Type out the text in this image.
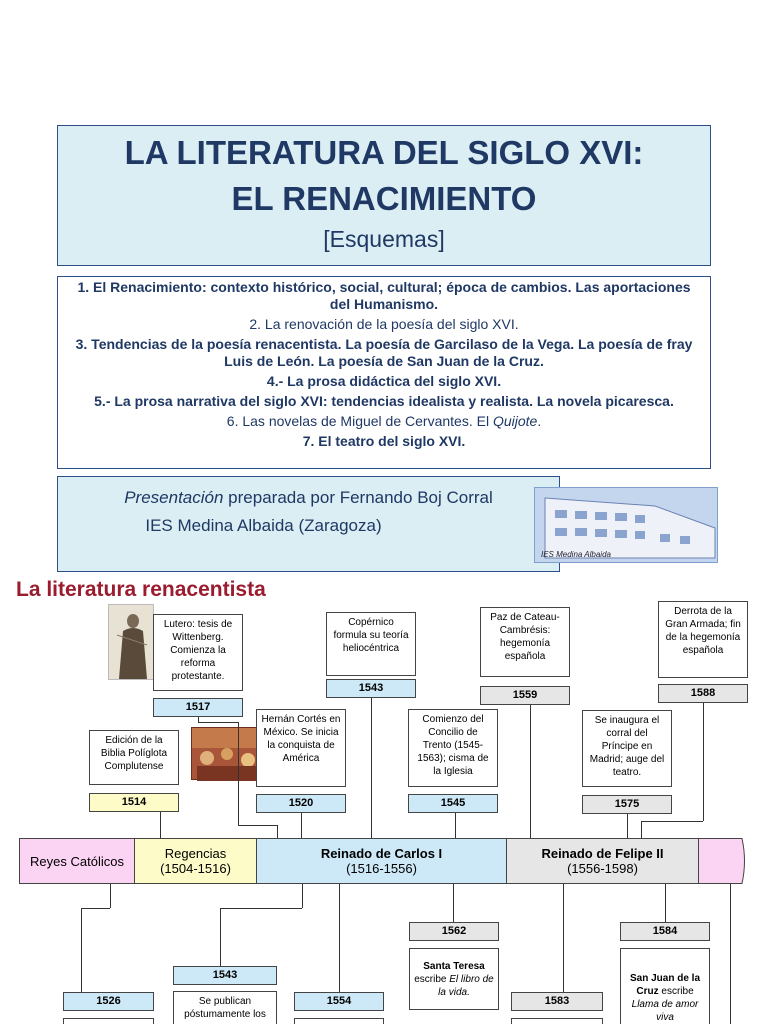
LA LITERATURA DEL SIGLO XVI:
EL RENACIMIENTO
[Esquemas]
1. El Renacimiento: contexto histórico, social, cultural; época de cambios. Las aportaciones del Humanismo.
2. La renovación de la poesía del siglo XVI.
3. Tendencias de la poesía renacentista. La poesía de Garcilaso de la Vega. La poesía de fray Luis de León. La poesía de San Juan de la Cruz.
4.- La prosa didáctica del siglo XVI.
5.- La prosa narrativa del siglo XVI: tendencias idealista y realista. La novela picaresca.
6. Las novelas de Miguel de Cervantes. El Quijote.
7. El teatro del siglo XVI.
Presentación preparada por Fernando Boj Corral
IES Medina Albaida (Zaragoza)
IES Medina Albaida
La literatura renacentista
Lutero: tesis de Wittenberg. Comienza la reforma protestante.
1517
Copérnico formula su teoría heliocéntrica
1543
Paz de Cateau-Cambrésis: hegemonía española
1559
Derrota de la Gran Armada; fin de la hegemonía española
1588
Edición de la Biblia Políglota Complutense
1514
Hernán Cortés en México. Se inicia la conquista de América
1520
Comienzo del Concilio de Trento (1545-1563); cisma de la Iglesia
1545
Se inaugura el corral del Príncipe en Madrid; auge del teatro.
1575
Reyes Católicos	Regencias
(1504-1516)
Reinado de Carlos I
(1516-1556)
Reinado de Felipe II
(1556-1598)
1562	1584
1543
1526	1554	1583
Santa Teresa
escribe El libro de la vida.
San Juan de la Cruz escribe Llama de amor viva
Se publican póstumamente los
